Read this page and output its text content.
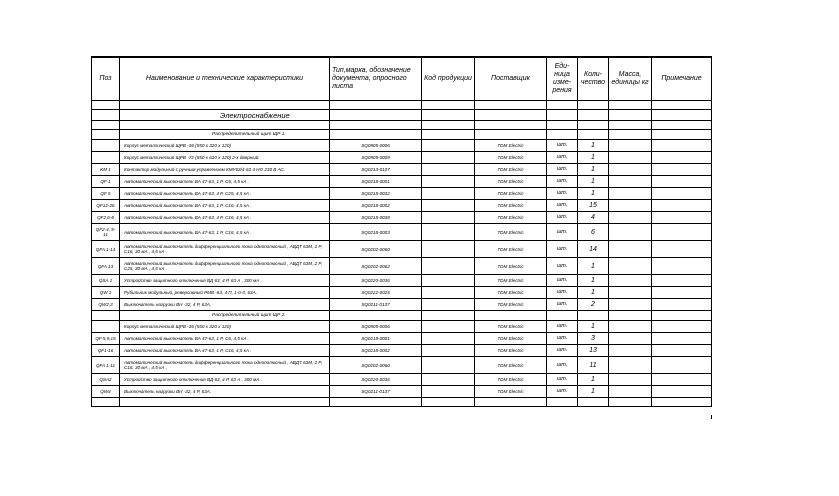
Поз	Наименование и технические характеристики	Тип,марка, обозначение документа, опросного листа	Код продукции	Поставщик	Еди- ница изме- рения	Коли- чество	Масса, единицы кг	Примечание

	Электроснабжение							

	Распределительный щит ЩР 1.							
	Корпус металлический ЩРВ -36 (550 x 320 x 120)	SQ0905-0006		TDM Electric	шт.	1		
	Корпус металлический ЩРВ -72 (550 x 610 x 120) 2-х дверный.	SQ0905-0009		TDM Electric	шт.	1		
KM 1	Контактор модульный с ручным управлением КМУ63/4-63 4 НО 230 В АС.	SQ0213-0107		TDM Electric	шт.	1		
QF 1	Автоматический выключатель ВА 47-63, 1 Р, С6, 4,5 кА .	SQ0218-0001		TDM Electric	шт.	1		
QF 5	Автоматический выключатель ВА 47-63, 4 Р, С25, 4,5 кА .	SQ0218-0032		TDM Electric	шт.	1		
QF12-26	Автоматический выключатель ВА 47-63, 1 Р, С16, 4,5 кА .	SQ0218-0002		TDM Electric	шт.	15		
QF2,6-8	Автоматический выключатель ВА 47-63, 4 Р, С16, 4,5 кА .	SQ0218-0038		TDM Electric	шт.	4		
QF2-4, 9-11	Автоматический выключатель ВА 47-63, 1 Р, С16, 4,5 кА .	SQ0218-0003		TDM Electric	шт.	6		
QFA 1-14	Автоматический выключатель дифференциального тока однополюсный , АВДТ 63М, 2 Р, С16, 30 мА , 4,5 кА .	SQ0202-0060		TDM Electric	шт.	14		
QFA 13	Автоматический выключатель дифференциального тока однополюсный , АВДТ 63М, 2 Р, С25, 30 мА , 4,5 кА .	SQ0202-0062		TDM Electric	шт.	1		
QSA 1	Устройство защитного отключения ВД 63, 4 Р, 63 А , 300 мА .	SQ0220-0036		TDM Electric	шт.	1		
QW 1	Рубильник модульный, реверсивный РМВ -63, 4 П, 1-0-II, 63А.	SQ0222-0025		TDM Electric	шт.	1		
QW2,3	Выключатель нагрузки ВН -32, 4 Р, 63А.	SQ0211-0137		TDM Electric	шт.	2		
	Распределительный щит ЩР 2.							
	Корпус металлический ЩРВ -36 (550 x 320 x 120)	SQ0905-0006		TDM Electric	шт.	1		
QF 5,9,15	Автоматический выключатель ВА 47-63, 1 Р, С6, 4,5 кА .	SQ0218-0001		TDM Electric	шт.	3		
QF1-16	Автоматический выключатель ВА 47-63, 1 Р, С16, 4,5 кА .	SQ0218-0002		TDM Electric	шт.	13		
QFA 1-11	Автоматический выключатель дифференциального тока однополюсный , АВДТ 63М, 2 Р, С16, 30 мА , 4,5 кА .	SQ0202-0060		TDM Electric	шт.	11		
QSA2	Устройство защитного отключения ВД 63, 4 Р, 63 А , 300 мА .	SQ0220-0036		TDM Electric	шт.	1		
QW4	Выключатель нагрузки ВН -32, 4 Р, 63А.	SQ0211-0137		TDM Electric	шт.	1		
